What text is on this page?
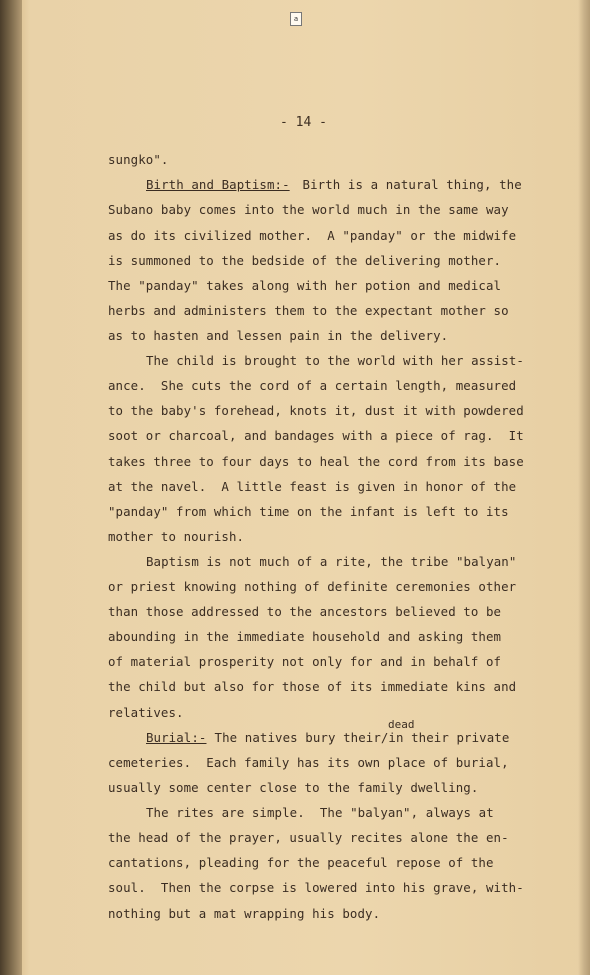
a
- 14 -
sungko".
Birth and Baptism:- Birth is a natural thing, the
Subano baby comes into the world much in the same way
as do its civilized mother.  A "panday" or the midwife
is summoned to the bedside of the delivering mother.
The "panday" takes along with her potion and medical
herbs and administers them to the expectant mother so
as to hasten and lessen pain in the delivery.
The child is brought to the world with her assist-
ance.  She cuts the cord of a certain length, measured
to the baby's forehead, knots it, dust it with powdered
soot or charcoal, and bandages with a piece of rag.  It
takes three to four days to heal the cord from its base
at the navel.  A little feast is given in honor of the
"panday" from which time on the infant is left to its
mother to nourish.
Baptism is not much of a rite, the tribe "balyan"
or priest knowing nothing of definite ceremonies other
than those addressed to the ancestors believed to be
abounding in the immediate household and asking them
of material prosperity not only for and in behalf of
the child but also for those of its immediate kins and
relatives.
dead
Burial:- The natives bury their/in their private
cemeteries.  Each family has its own place of burial,
usually some center close to the family dwelling.
The rites are simple.  The "balyan", always at
the head of the prayer, usually recites alone the en-
cantations, pleading for the peaceful repose of the
soul.  Then the corpse is lowered into his grave, with-
nothing but a mat wrapping his body.
